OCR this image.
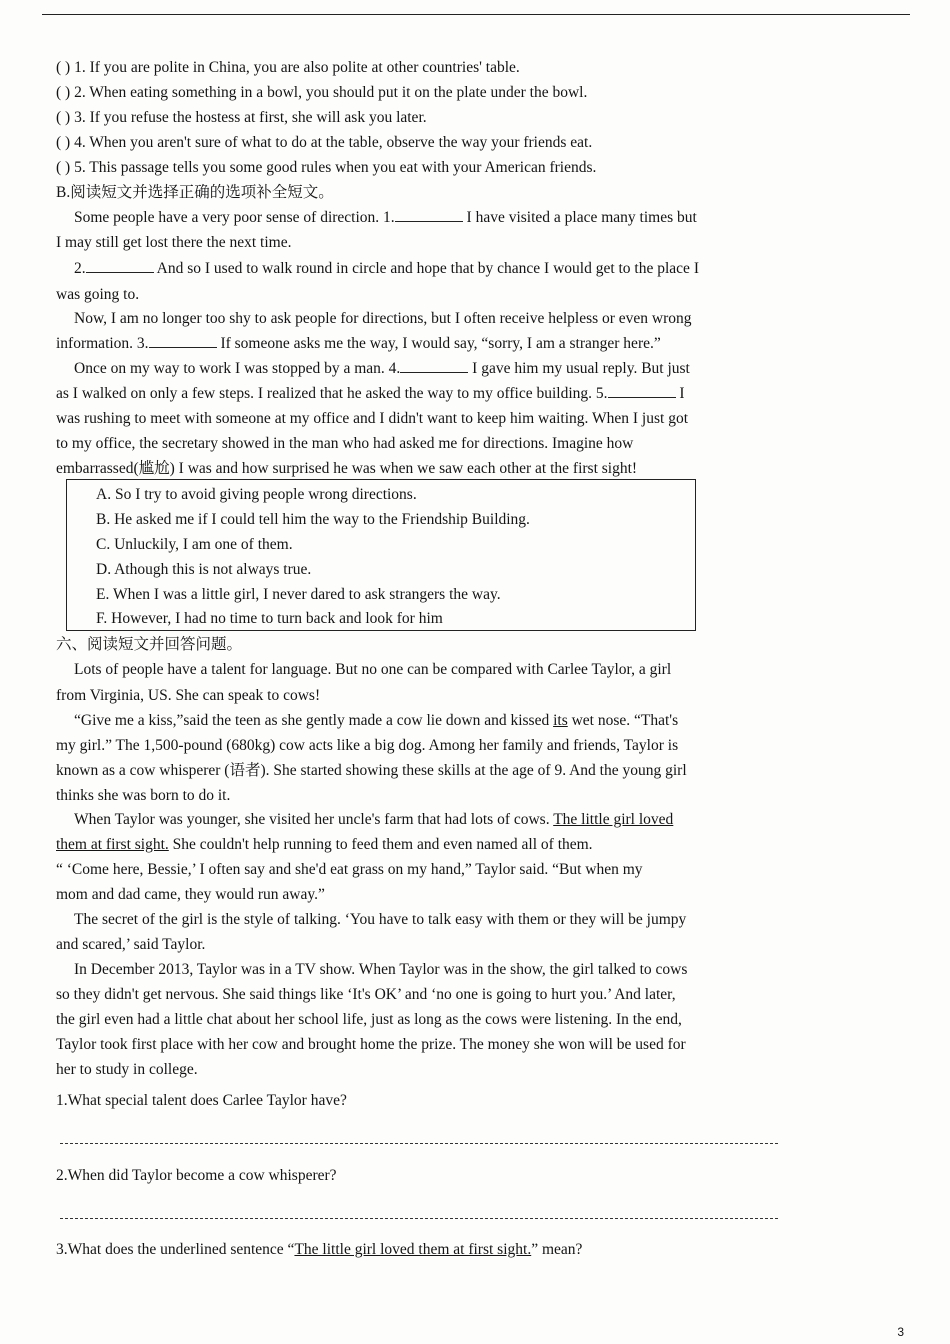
( ) 1. If you are polite in China, you are also polite at other countries' table.
( ) 2. When eating something in a bowl, you should put it on the plate under the bowl.
( ) 3. If you refuse the hostess at first, she will ask you later.
( ) 4. When you aren't sure of what to do at the table, observe the way your friends eat.
( ) 5. This passage tells you some good rules when you eat with your American friends.
B.阅读短文并选择正确的选项补全短文。
Some people have a very poor sense of direction. 1.	I have visited a place many times but
I may still get lost there the next time.
2.	And so I used to walk round in circle and hope that by chance I would get to the place I
was going to.
Now, I am no longer too shy to ask people for directions, but I often receive helpless or even wrong
information. 3.	If someone asks me the way, I would say, “sorry, I am a stranger here.”
Once on my way to work I was stopped by a man. 4.	I gave him my usual reply. But just
as I walked on only a few steps. I realized that he asked the way to my office building. 5.	I
was rushing to meet with someone at my office and I didn't want to keep him waiting. When I just got
to my office, the secretary showed in the man who had asked me for directions. Imagine how
embarrassed(尴尬) I was and how surprised he was when we saw each other at the first sight!
A. So I try to avoid giving people wrong directions.
B. He asked me if I could tell him the way to the Friendship Building.
C. Unluckily, I am one of them.
D. Athough this is not always true.
E. When I was a little girl, I never dared to ask strangers the way.
F. However, I had no time to turn back and look for him
六、阅读短文并回答问题。
Lots of people have a talent for language. But no one can be compared with Carlee Taylor, a girl
from Virginia, US. She can speak to cows!
“Give me a kiss,”said the teen as she gently made a cow lie down and kissed its wet nose. “That's
my girl.” The 1,500-pound (680kg) cow acts like a big dog. Among her family and friends, Taylor is
known as a cow whisperer (语者). She started showing these skills at the age of 9. And the young girl
thinks she was born to do it.
When Taylor was younger, she visited her uncle's farm that had lots of cows. The little girl loved
them at first sight. She couldn't help running to feed them and even named all of them.
“ ‘Come here, Bessie,’ I often say and she'd eat grass on my hand,” Taylor said. “But when my
mom and dad came, they would run away.”
The secret of the girl is the style of talking. ‘You have to talk easy with them or they will be jumpy
and scared,’ said Taylor.
In December 2013, Taylor was in a TV show. When Taylor was in the show, the girl talked to cows
so they didn't get nervous. She said things like ‘It's OK’ and ‘no one is going to hurt you.’ And later,
the girl even had a little chat about her school life, just as long as the cows were listening. In the end,
Taylor took first place with her cow and brought home the prize. The money she won will be used for
her to study in college.
1.What special talent does Carlee Taylor have?
2.When did Taylor become a cow whisperer?
3.What does the underlined sentence “The little girl loved them at first sight.” mean?
3
